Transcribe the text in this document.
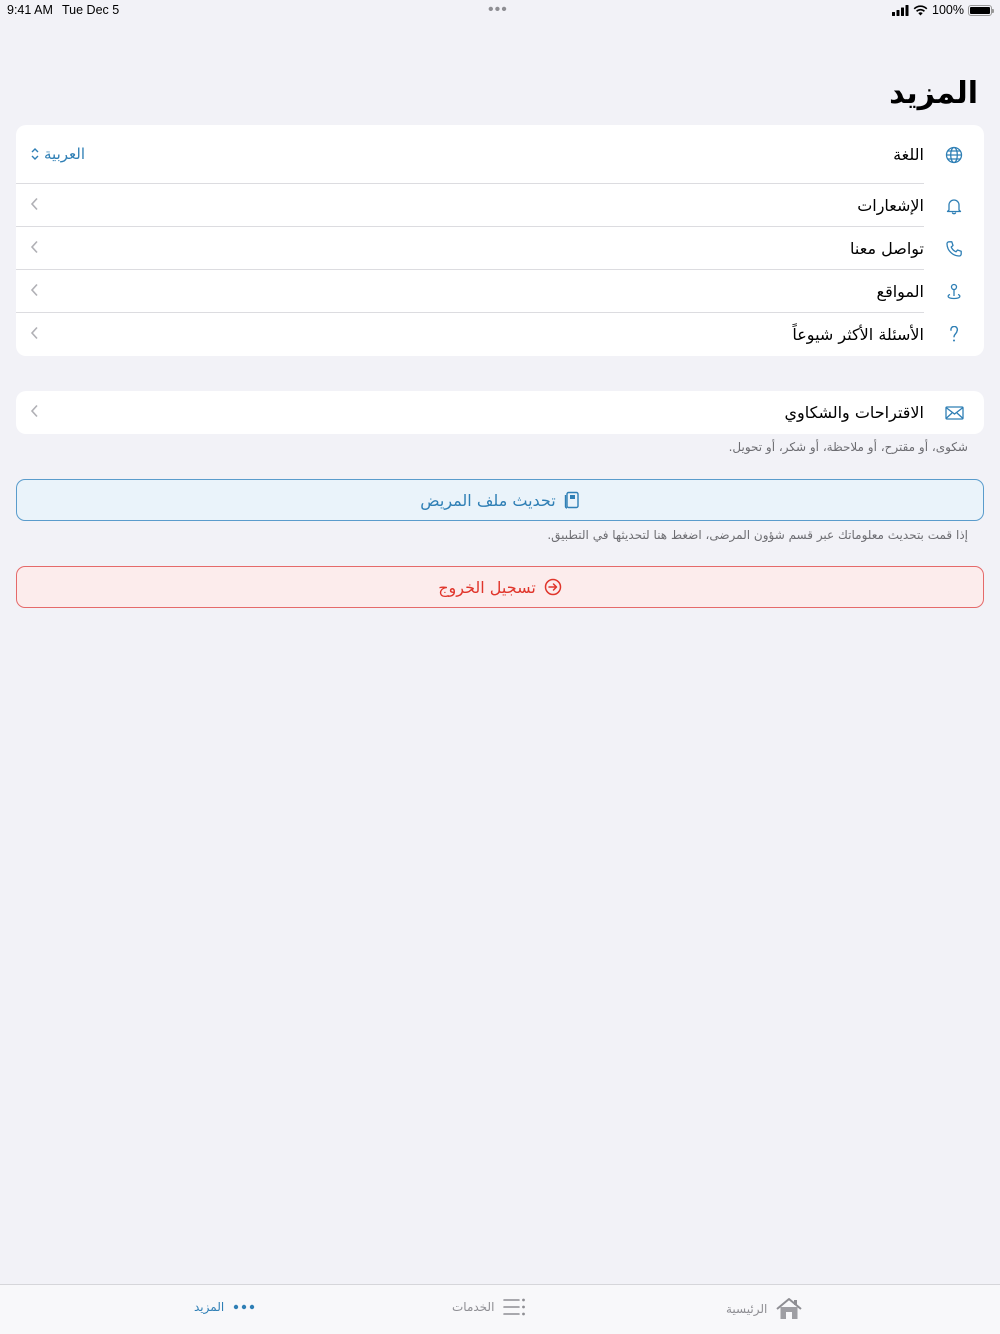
9:41 AM Tue Dec 5	•••	100%
المزيد
اللغة
العربية
الإشعارات
تواصل معنا
المواقع
الأسئلة الأكثر شيوعاً
الاقتراحات والشكاوي
شكوى، أو مقترح، أو ملاحظة، أو شكر، أو تحويل.
تحديث ملف المريض
إذا قمت بتحديث معلوماتك عبر قسم شؤون المرضى، اضغط هنا لتحديثها في التطبيق.
تسجيل الخروج
الرئيسية
الخدمات
المزيد
